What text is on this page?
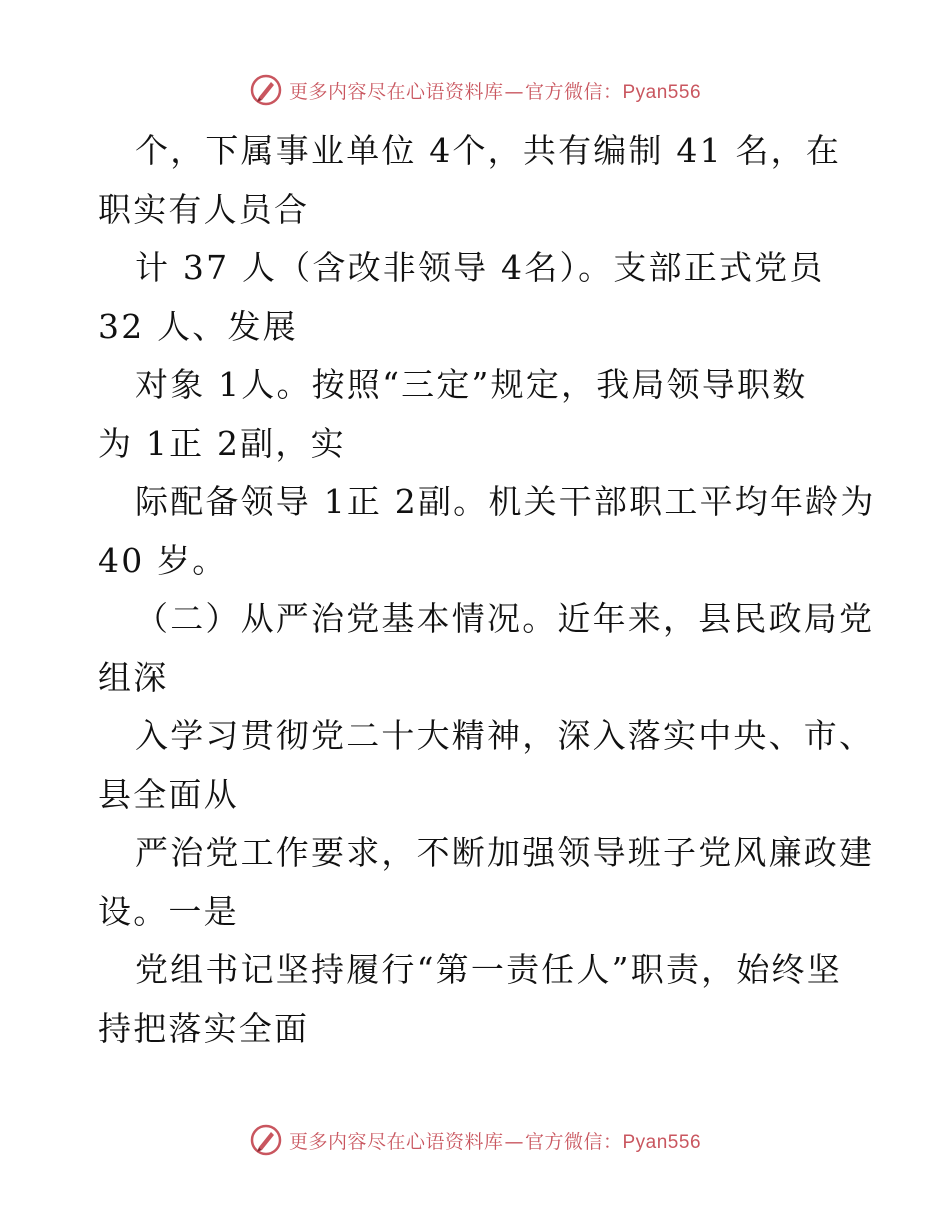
更多内容尽在心语资料库—官方微信：Pyan556
个，下属事业单位 4个，共有编制 41 名，在
职实有人员合
计 37 人（含改非领导 4名）。支部正式党员
32 人、发展
对象 1人。按照“三定”规定，我局领导职数
为 1正 2副，实
际配备领导 1正 2副。机关干部职工平均年龄为
40 岁。
（二）从严治党基本情况。近年来，县民政局党
组深
入学习贯彻党二十大精神，深入落实中央、市、
县全面从
严治党工作要求，不断加强领导班子党风廉政建
设。一是
党组书记坚持履行“第一责任人”职责，始终坚
持把落实全面
更多内容尽在心语资料库—官方微信：Pyan556
